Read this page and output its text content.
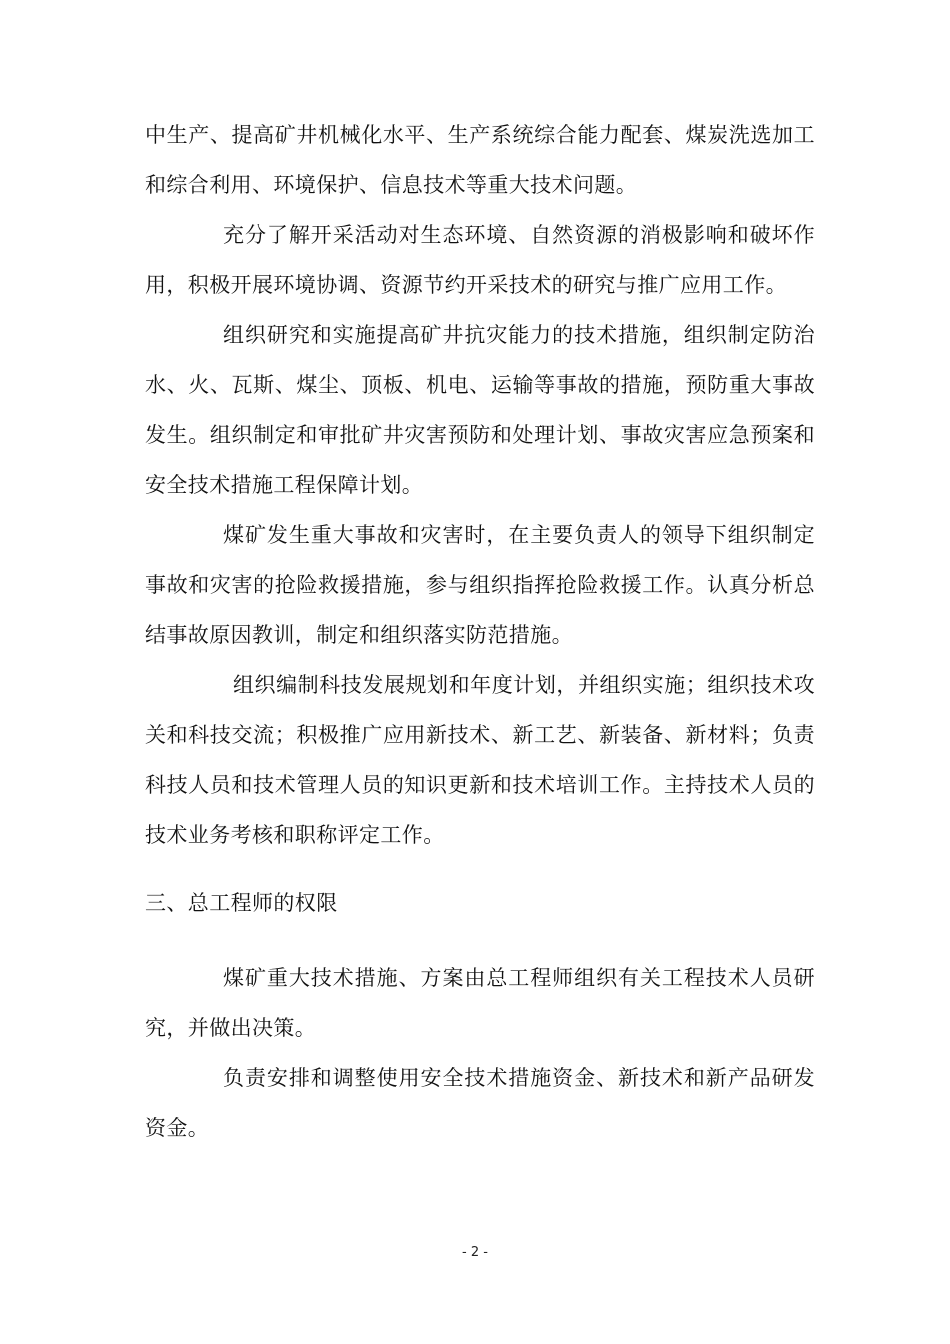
中生产、提高矿井机械化水平、生产系统综合能力配套、煤炭洗选加工和综合利用、环境保护、信息技术等重大技术问题。

充分了解开采活动对生态环境、自然资源的消极影响和破坏作用，积极开展环境协调、资源节约开采技术的研究与推广应用工作。

组织研究和实施提高矿井抗灾能力的技术措施，组织制定防治水、火、瓦斯、煤尘、顶板、机电、运输等事故的措施，预防重大事故发生。组织制定和审批矿井灾害预防和处理计划、事故灾害应急预案和安全技术措施工程保障计划。

煤矿发生重大事故和灾害时，在主要负责人的领导下组织制定事故和灾害的抢险救援措施，参与组织指挥抢险救援工作。认真分析总结事故原因教训，制定和组织落实防范措施。

组织编制科技发展规划和年度计划，并组织实施；组织技术攻关和科技交流；积极推广应用新技术、新工艺、新装备、新材料；负责科技人员和技术管理人员的知识更新和技术培训工作。主持技术人员的技术业务考核和职称评定工作。

三、总工程师的权限

煤矿重大技术措施、方案由总工程师组织有关工程技术人员研究，并做出决策。

负责安排和调整使用安全技术措施资金、新技术和新产品研发资金。

- 2 -
